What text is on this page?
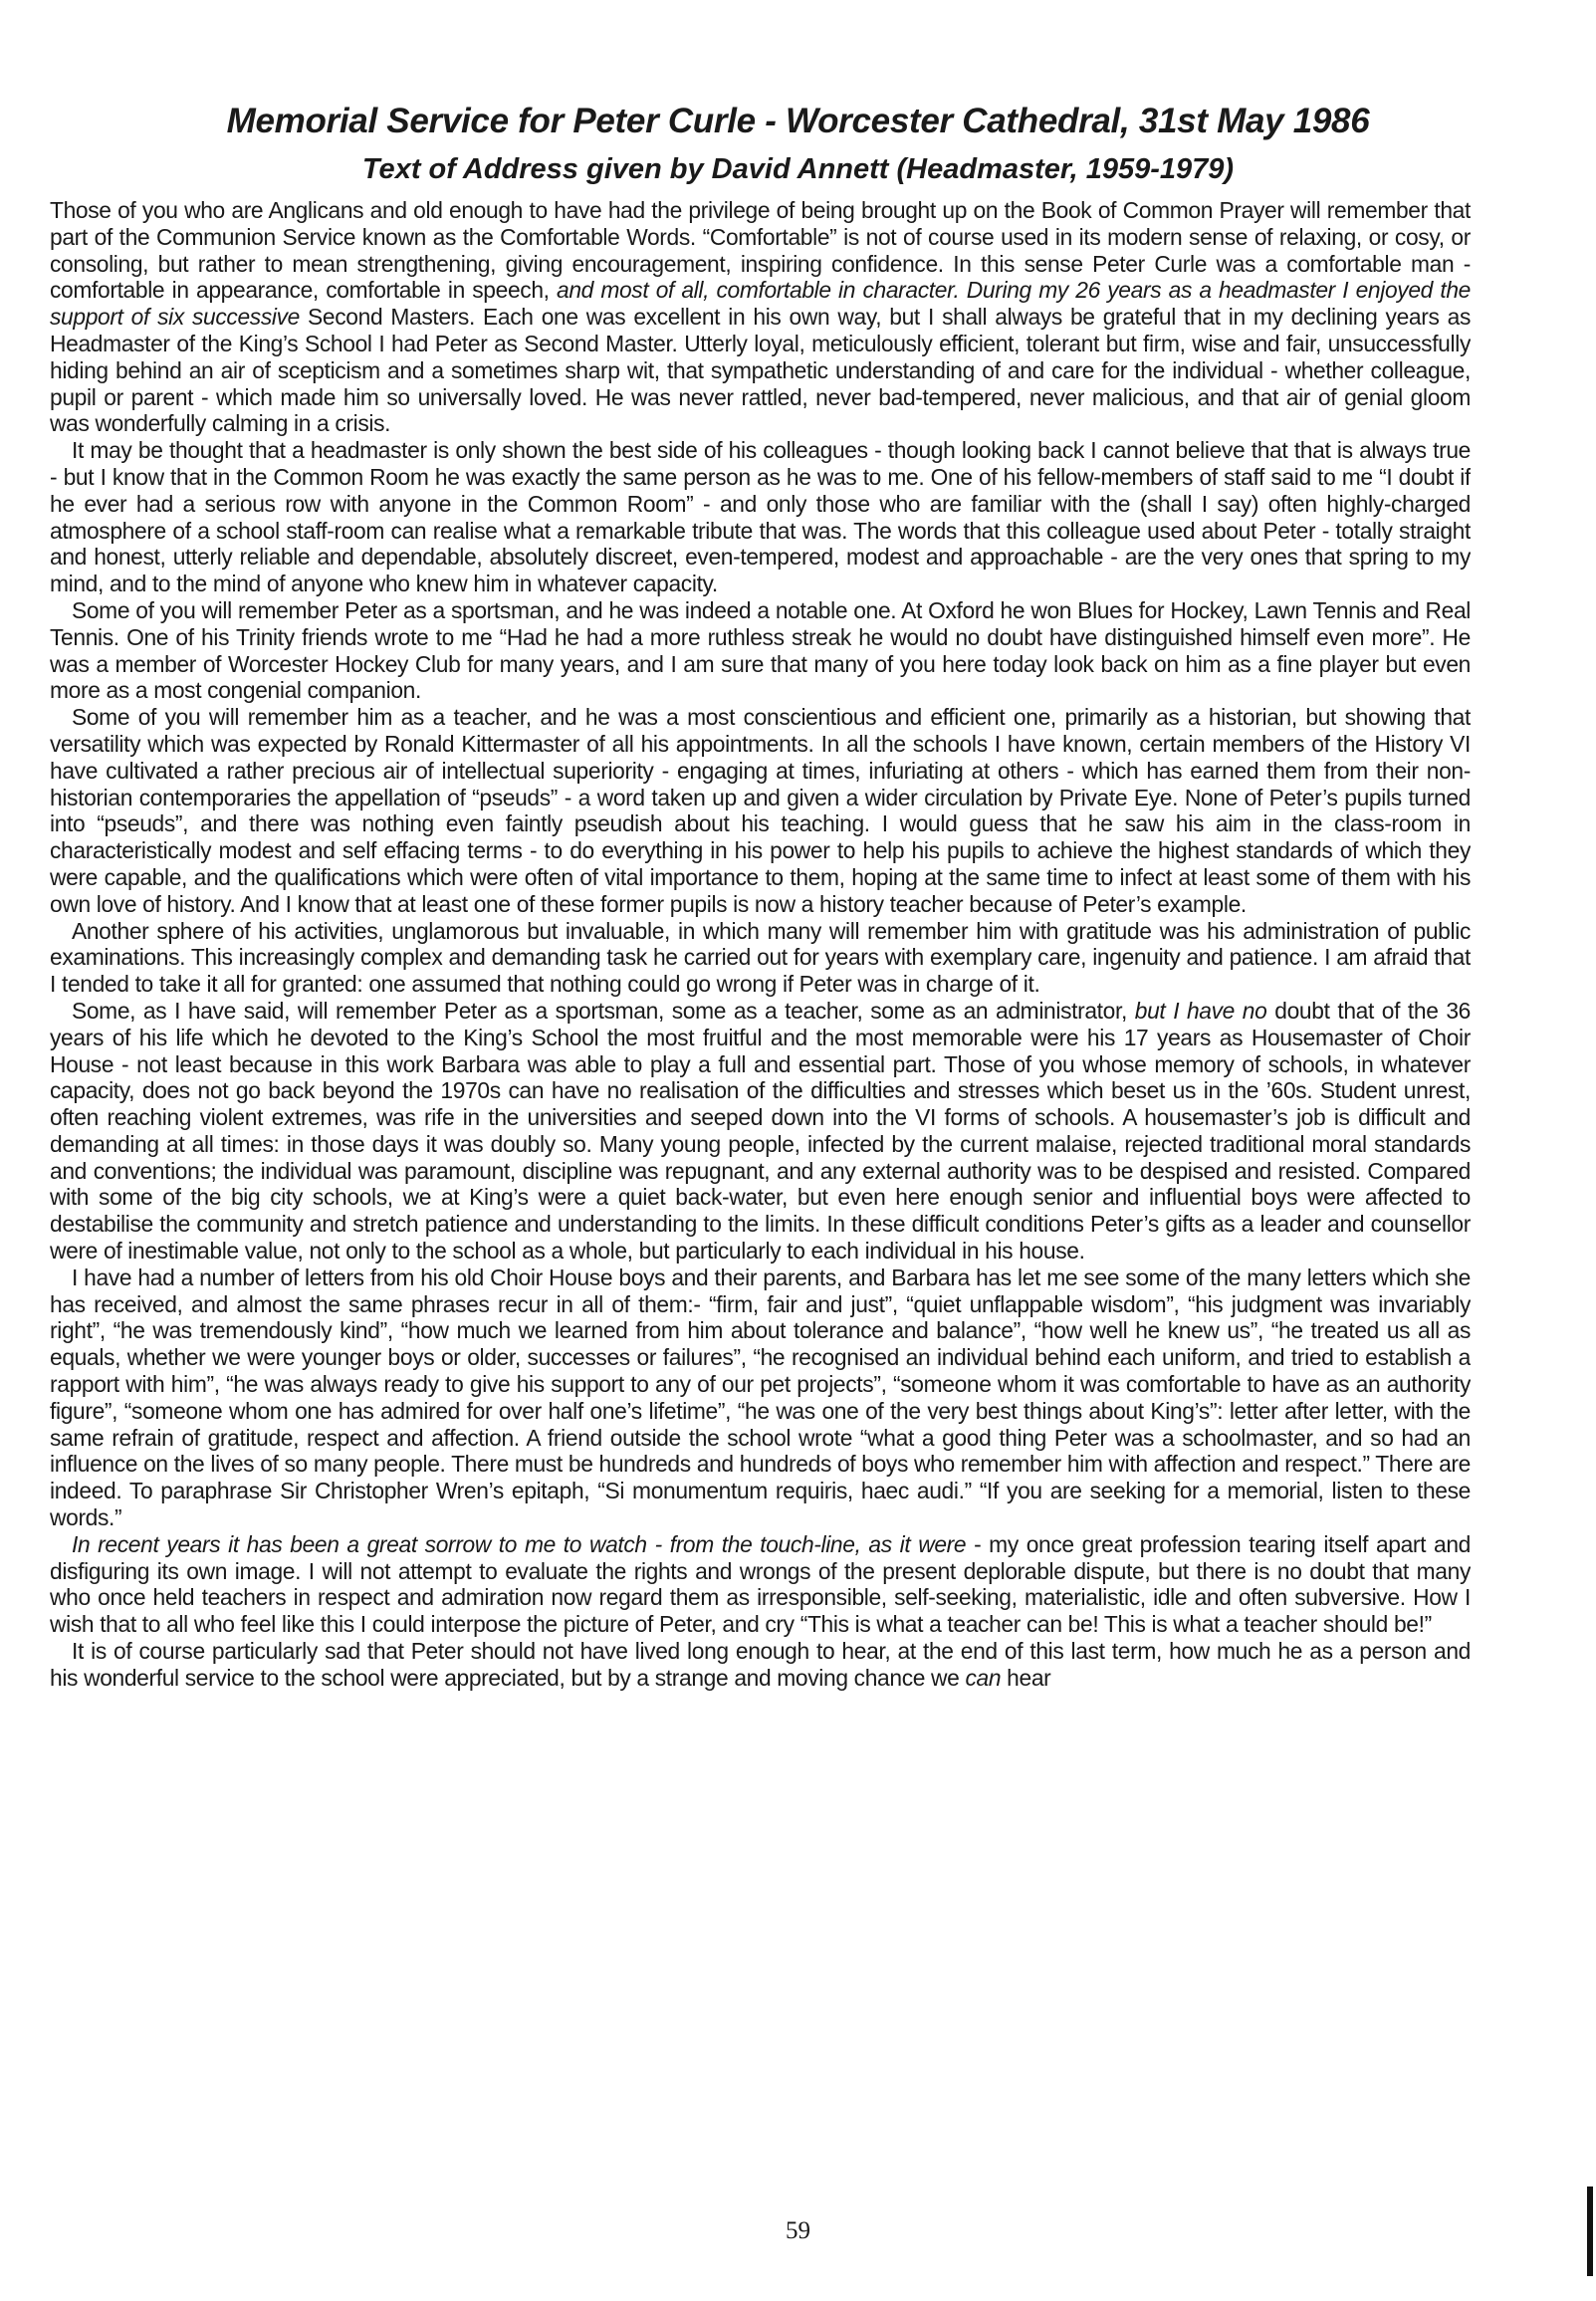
Memorial Service for Peter Curle - Worcester Cathedral, 31st May 1986
Text of Address given by David Annett (Headmaster, 1959-1979)

Those of you who are Anglicans and old enough to have had the privilege of being brought up on the Book of Common Prayer will remember that part of the Communion Service known as the Comfortable Words. “Comfortable” is not of course used in its modern sense of relaxing, or cosy, or consoling, but rather to mean strengthening, giving encouragement, inspiring confidence. In this sense Peter Curle was a comfortable man - comfortable in appearance, comfortable in speech, and most of all, comfortable in character. During my 26 years as a headmaster I enjoyed the support of six successive Second Masters. Each one was excellent in his own way, but I shall always be grateful that in my declining years as Headmaster of the King’s School I had Peter as Second Master. Utterly loyal, meticulously efficient, tolerant but firm, wise and fair, unsuccessfully hiding behind an air of scepticism and a sometimes sharp wit, that sympathetic understanding of and care for the individual - whether colleague, pupil or parent - which made him so universally loved. He was never rattled, never bad-tempered, never malicious, and that air of genial gloom was wonderfully calming in a crisis.

It may be thought that a headmaster is only shown the best side of his colleagues - though looking back I cannot believe that that is always true - but I know that in the Common Room he was exactly the same person as he was to me. One of his fellow-members of staff said to me “I doubt if he ever had a serious row with anyone in the Common Room” - and only those who are familiar with the (shall I say) often highly-charged atmosphere of a school staff-room can realise what a remarkable tribute that was. The words that this colleague used about Peter - totally straight and honest, utterly reliable and dependable, absolutely discreet, even-tempered, modest and approachable - are the very ones that spring to my mind, and to the mind of anyone who knew him in whatever capacity.

Some of you will remember Peter as a sportsman, and he was indeed a notable one. At Oxford he won Blues for Hockey, Lawn Tennis and Real Tennis. One of his Trinity friends wrote to me “Had he had a more ruthless streak he would no doubt have distinguished himself even more”. He was a member of Worcester Hockey Club for many years, and I am sure that many of you here today look back on him as a fine player but even more as a most congenial companion.

Some of you will remember him as a teacher, and he was a most conscientious and efficient one, primarily as a historian, but showing that versatility which was expected by Ronald Kittermaster of all his appointments. In all the schools I have known, certain members of the History VI have cultivated a rather precious air of intellectual superiority - engaging at times, infuriating at others - which has earned them from their non-historian contemporaries the appellation of “pseuds” - a word taken up and given a wider circulation by Private Eye. None of Peter’s pupils turned into “pseuds”, and there was nothing even faintly pseudish about his teaching. I would guess that he saw his aim in the class-room in characteristically modest and self effacing terms - to do everything in his power to help his pupils to achieve the highest standards of which they were capable, and the qualifications which were often of vital importance to them, hoping at the same time to infect at least some of them with his own love of history. And I know that at least one of these former pupils is now a history teacher because of Peter’s example.

Another sphere of his activities, unglamorous but invaluable, in which many will remember him with gratitude was his administration of public examinations. This increasingly complex and demanding task he carried out for years with exemplary care, ingenuity and patience. I am afraid that I tended to take it all for granted: one assumed that nothing could go wrong if Peter was in charge of it.

Some, as I have said, will remember Peter as a sportsman, some as a teacher, some as an administrator, but I have no doubt that of the 36 years of his life which he devoted to the King’s School the most fruitful and the most memorable were his 17 years as Housemaster of Choir House - not least because in this work Barbara was able to play a full and essential part. Those of you whose memory of schools, in whatever capacity, does not go back beyond the 1970s can have no realisation of the difficulties and stresses which beset us in the ’60s. Student unrest, often reaching violent extremes, was rife in the universities and seeped down into the VI forms of schools. A housemaster’s job is difficult and demanding at all times: in those days it was doubly so. Many young people, infected by the current malaise, rejected traditional moral standards and conventions; the individual was paramount, discipline was repugnant, and any external authority was to be despised and resisted. Compared with some of the big city schools, we at King’s were a quiet back-water, but even here enough senior and influential boys were affected to destabilise the community and stretch patience and understanding to the limits. In these difficult conditions Peter’s gifts as a leader and counsellor were of inestimable value, not only to the school as a whole, but particularly to each individual in his house.

I have had a number of letters from his old Choir House boys and their parents, and Barbara has let me see some of the many letters which she has received, and almost the same phrases recur in all of them:- “firm, fair and just”, “quiet unflappable wisdom”, “his judgment was invariably right”, “he was tremendously kind”, “how much we learned from him about tolerance and balance”, “how well he knew us”, “he treated us all as equals, whether we were younger boys or older, successes or failures”, “he recognised an individual behind each uniform, and tried to establish a rapport with him”, “he was always ready to give his support to any of our pet projects”, “someone whom it was comfortable to have as an authority figure”, “someone whom one has admired for over half one’s lifetime”, “he was one of the very best things about King’s”: letter after letter, with the same refrain of gratitude, respect and affection. A friend outside the school wrote “what a good thing Peter was a schoolmaster, and so had an influence on the lives of so many people. There must be hundreds and hundreds of boys who remember him with affection and respect.” There are indeed. To paraphrase Sir Christopher Wren’s epitaph, “Si monumentum requiris, haec audi.” “If you are seeking for a memorial, listen to these words.”

In recent years it has been a great sorrow to me to watch - from the touch-line, as it were - my once great profession tearing itself apart and disfiguring its own image. I will not attempt to evaluate the rights and wrongs of the present deplorable dispute, but there is no doubt that many who once held teachers in respect and admiration now regard them as irresponsible, self-seeking, materialistic, idle and often subversive. How I wish that to all who feel like this I could interpose the picture of Peter, and cry “This is what a teacher can be! This is what a teacher should be!”

It is of course particularly sad that Peter should not have lived long enough to hear, at the end of this last term, how much he as a person and his wonderful service to the school were appreciated, but by a strange and moving chance we can hear

59
